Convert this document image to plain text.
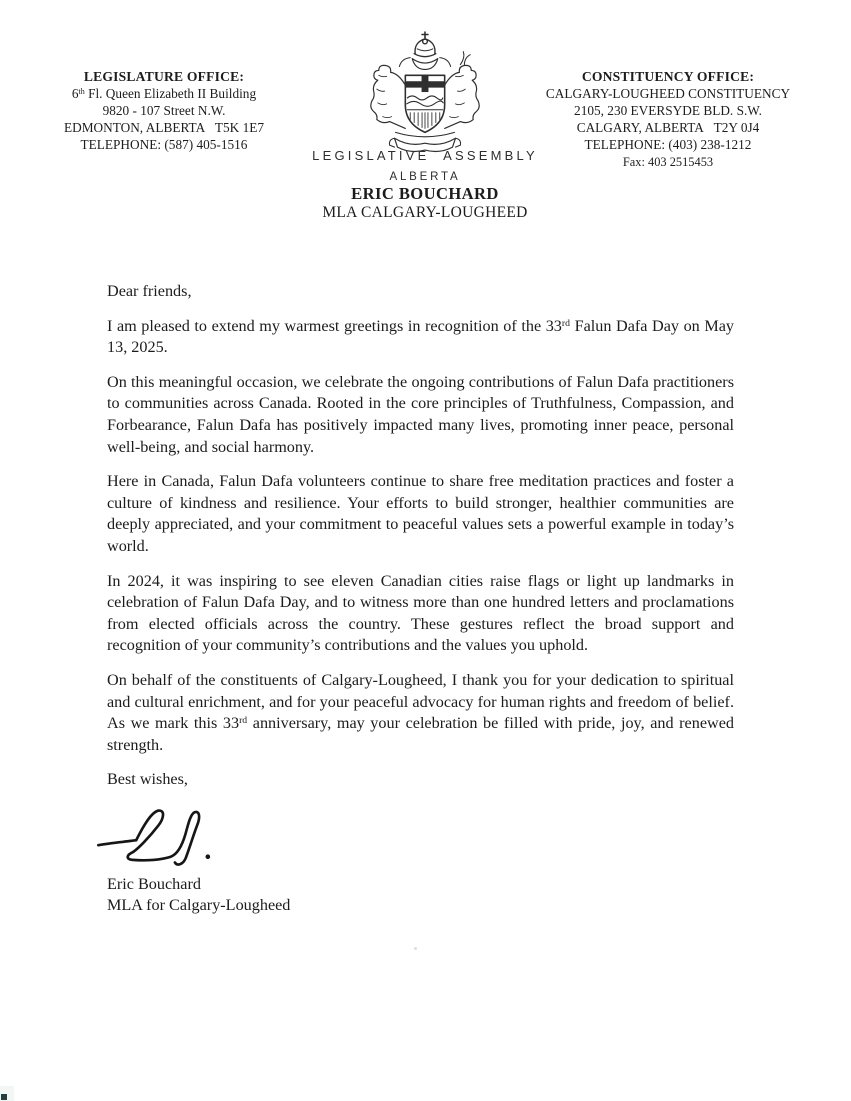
LEGISLATURE OFFICE:
6th Fl. Queen Elizabeth II Building
9820 - 107 Street N.W.
EDMONTON, ALBERTA   T5K 1E7
TELEPHONE: (587) 405-1516
CONSTITUENCY OFFICE:
CALGARY-LOUGHEED CONSTITUENCY
2105, 230 EVERSYDE BLD. S.W.
CALGARY, ALBERTA   T2Y 0J4
TELEPHONE: (403) 238-1212
Fax: 403 2515453
LEGISLATIVE  ASSEMBLY
ALBERTA
ERIC BOUCHARD
MLA CALGARY-LOUGHEED

Dear friends,

I am pleased to extend my warmest greetings in recognition of the 33rd Falun Dafa Day on May 13, 2025.

On this meaningful occasion, we celebrate the ongoing contributions of Falun Dafa practitioners to communities across Canada. Rooted in the core principles of Truthfulness, Compassion, and Forbearance, Falun Dafa has positively impacted many lives, promoting inner peace, personal well-being, and social harmony.

Here in Canada, Falun Dafa volunteers continue to share free meditation practices and foster a culture of kindness and resilience. Your efforts to build stronger, healthier communities are deeply appreciated, and your commitment to peaceful values sets a powerful example in today’s world.

In 2024, it was inspiring to see eleven Canadian cities raise flags or light up landmarks in celebration of Falun Dafa Day, and to witness more than one hundred letters and proclamations from elected officials across the country. These gestures reflect the broad support and recognition of your community’s contributions and the values you uphold.

On behalf of the constituents of Calgary-Lougheed, I thank you for your dedication to spiritual and cultural enrichment, and for your peaceful advocacy for human rights and freedom of belief. As we mark this 33rd anniversary, may your celebration be filled with pride, joy, and renewed strength.

Best wishes,

Eric Bouchard
MLA for Calgary-Lougheed
